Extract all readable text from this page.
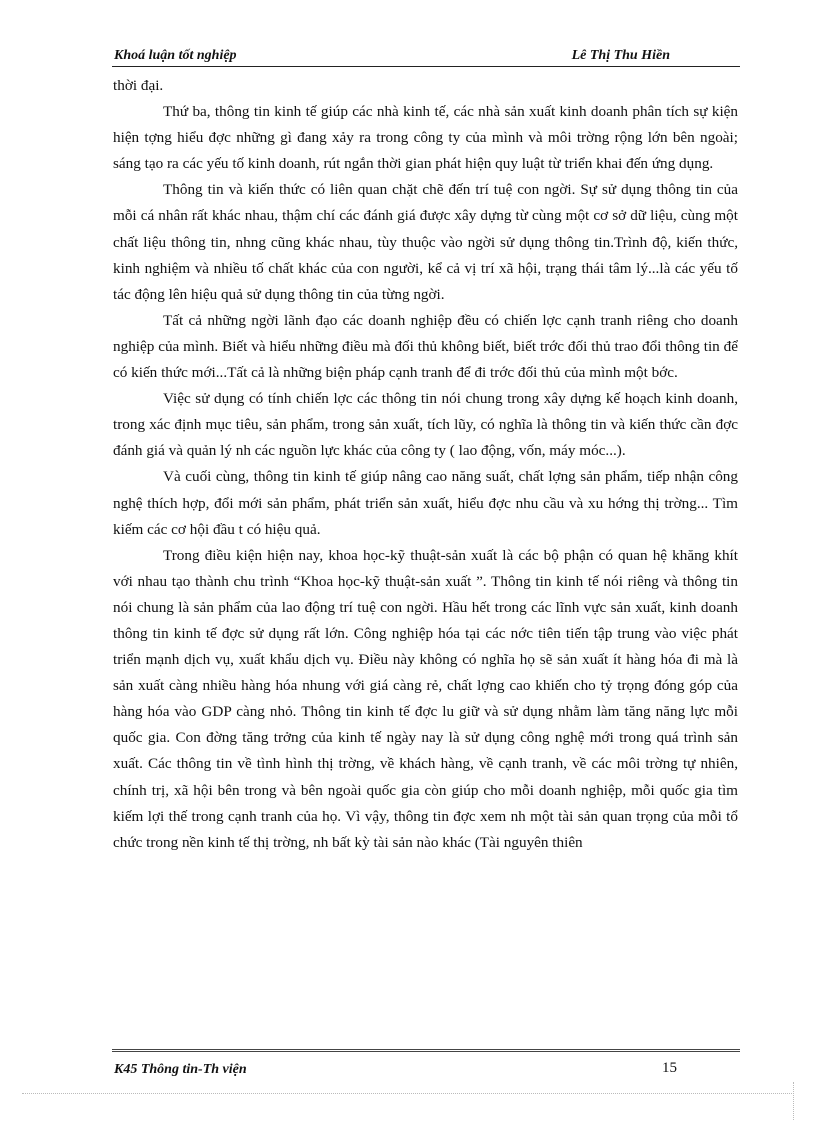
Khoá luận tốt nghiệp	Lê Thị Thu Hiền

thời đại.

Thứ ba, thông tin kinh tế giúp các nhà kinh tế, các nhà sản xuất kinh doanh phân tích sự kiện hiện tợng hiểu đợc những gì đang xảy ra trong công ty của mình và môi trờng rộng lớn bên ngoài; sáng tạo ra các yếu tố kinh doanh, rút ngắn thời gian phát hiện quy luật từ triển khai đến ứng dụng.

Thông tin và kiến thức có liên quan chặt chẽ đến trí tuệ con ngời. Sự sử dụng thông tin của mỗi cá nhân rất khác nhau, thậm chí các đánh giá được xây dựng từ cùng một cơ sở dữ liệu, cùng một chất liệu thông tin, nhng cũng khác nhau, tùy thuộc vào ngời sử dụng thông tin.Trình độ, kiến thức, kinh nghiệm và nhiều tố chất khác của con người, kể cả vị trí xã hội, trạng thái tâm lý...là các yếu tố tác động lên hiệu quả sử dụng thông tin của từng ngời.

Tất cả những ngời lãnh đạo các doanh nghiệp đều có chiến lợc cạnh tranh riêng cho doanh nghiệp của mình. Biết và hiểu những điều mà đối thủ không biết, biết trớc đối thủ trao đổi thông tin để có kiến thức mới...Tất cả là những biện pháp cạnh tranh để đi trớc đối thủ của mình một bớc.

Việc sử dụng có tính chiến lợc các thông tin nói chung trong xây dựng kế hoạch kinh doanh, trong xác định mục tiêu, sản phẩm, trong sản xuất, tích lũy, có nghĩa là thông tin và kiến thức cần đợc đánh giá và quản lý nh các nguồn lực khác của công ty ( lao động, vốn, máy móc...).

Và cuối cùng, thông tin kinh tế giúp nâng cao năng suất, chất lợng sản phẩm, tiếp nhận công nghệ thích hợp, đổi mới sản phẩm, phát triển sản xuất, hiểu đợc nhu cầu và xu hớng thị trờng... Tìm kiếm các cơ hội đầu t có hiệu quả.

Trong điều kiện hiện nay, khoa học-kỹ thuật-sản xuất là các bộ phận có quan hệ khăng khít với nhau tạo thành chu trình “Khoa học-kỹ thuật-sản xuất ”. Thông tin kinh tế nói riêng và thông tin nói chung là sản phẩm của lao động trí tuệ con ngời. Hầu hết trong các lĩnh vực sản xuất, kinh doanh thông tin kinh tế đợc sử dụng rất lớn. Công nghiệp hóa tại các nớc tiên tiến tập trung vào việc phát triển mạnh dịch vụ, xuất khẩu dịch vụ. Điều này không có nghĩa họ sẽ sản xuất ít hàng hóa đi mà là sản xuất càng nhiều hàng hóa nhung với giá càng rẻ, chất lợng cao khiến cho tỷ trọng đóng góp của hàng hóa vào GDP càng nhỏ. Thông tin kinh tế đợc lu giữ và sử dụng nhằm làm tăng năng lực mỗi quốc gia. Con đờng tăng trởng của kinh tế ngày nay là sử dụng công nghệ mới trong quá trình sản xuất. Các thông tin về tình hình thị trờng, về khách hàng, về cạnh tranh, về các môi trờng tự nhiên, chính trị, xã hội bên trong và bên ngoài quốc gia còn giúp cho mỗi doanh nghiệp, mỗi quốc gia tìm kiếm lợi thế trong cạnh tranh của họ. Vì vậy, thông tin đợc xem nh một tài sản quan trọng của mỗi tổ chức trong nền kinh tế thị trờng, nh bất kỳ tài sản nào khác (Tài nguyên thiên

K45 Thông tin-Th viện	15
